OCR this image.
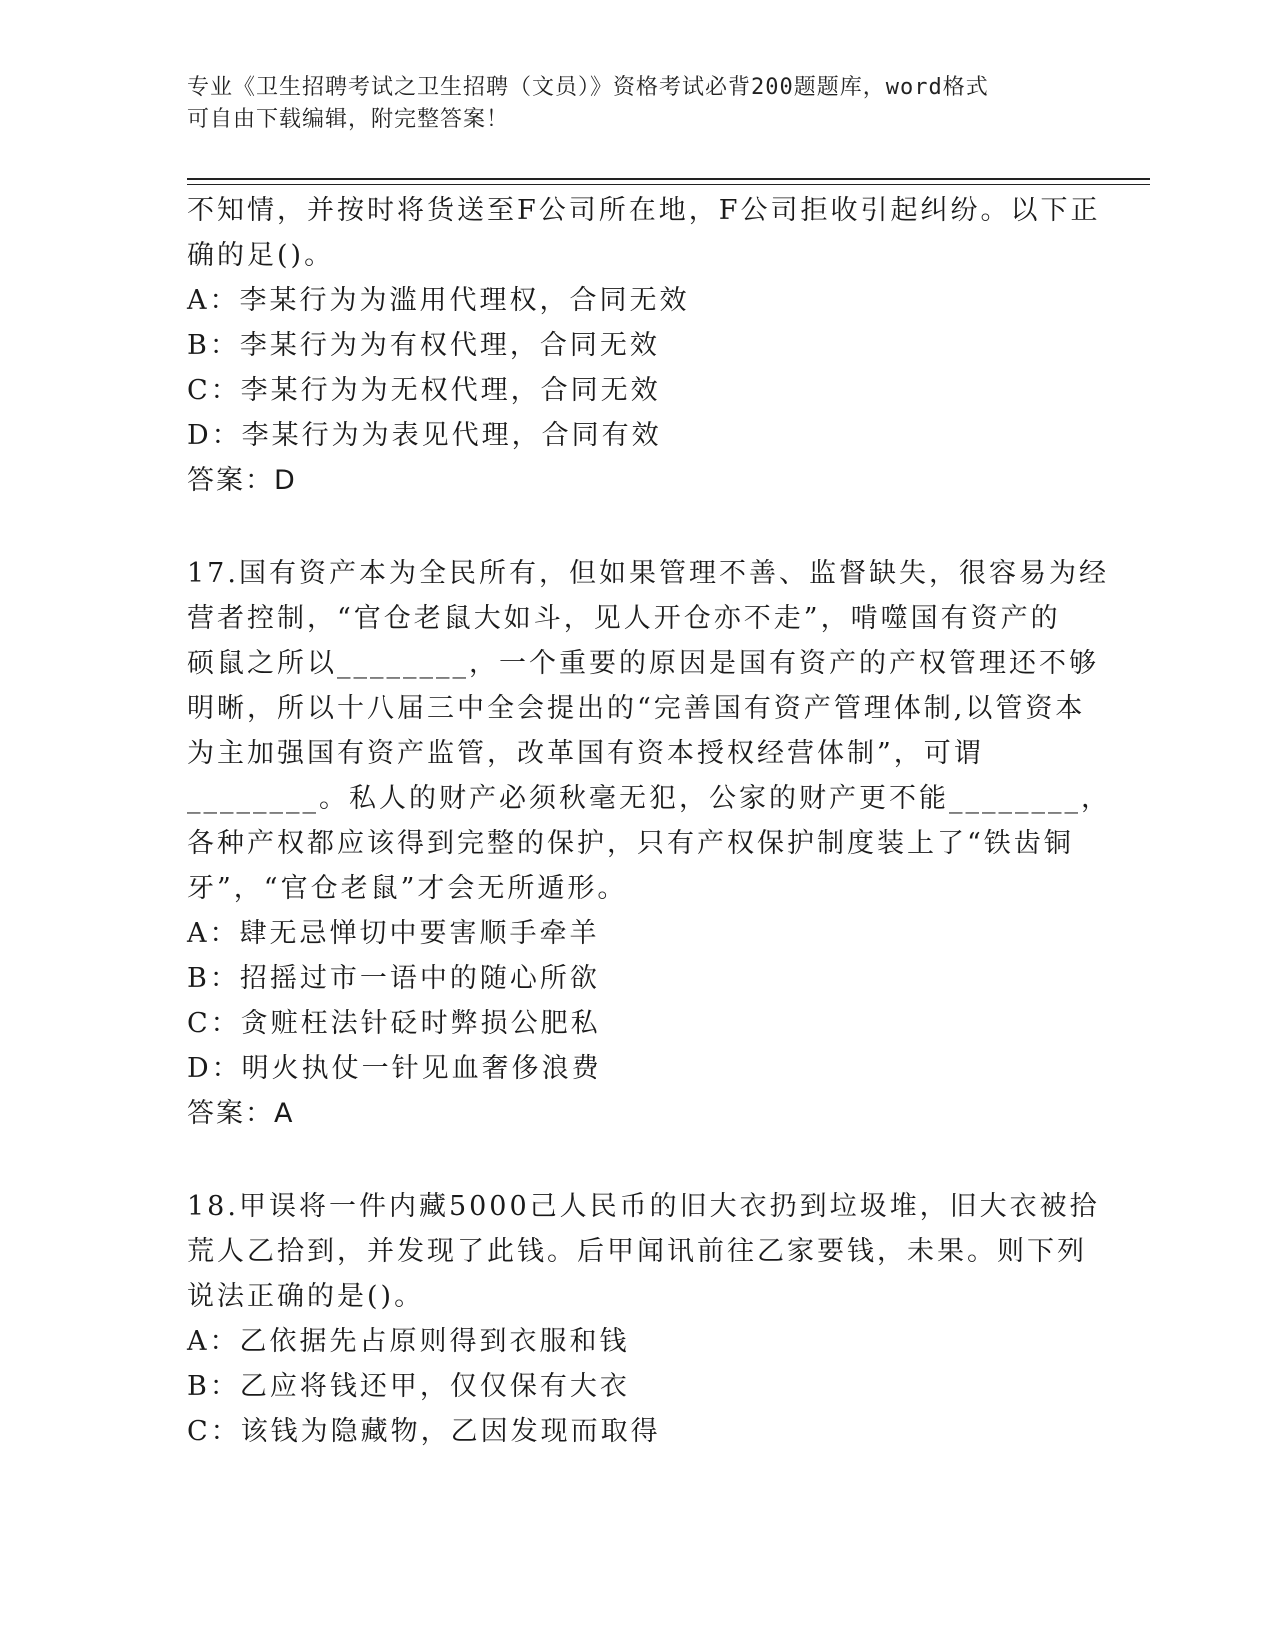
专业《卫生招聘考试之卫生招聘（文员）》资格考试必背200题题库，word格式
可自由下载编辑，附完整答案！
不知情，并按时将货送至F公司所在地，F公司拒收引起纠纷。以下正
确的足()。
A：李某行为为滥用代理权，合同无效
B：李某行为为有权代理，合同无效
C：李某行为为无权代理，合同无效
D：李某行为为表见代理，合同有效
答案：D
17.国有资产本为全民所有，但如果管理不善、监督缺失，很容易为经
营者控制，“官仓老鼠大如斗，见人开仓亦不走”，啃噬国有资产的
硕鼠之所以________，一个重要的原因是国有资产的产权管理还不够
明晰，所以十八届三中全会提出的“完善国有资产管理体制,以管资本
为主加强国有资产监管，改革国有资本授权经营体制”，可谓
________。私人的财产必须秋毫无犯，公家的财产更不能________，
各种产权都应该得到完整的保护，只有产权保护制度装上了“铁齿铜
牙”，“官仓老鼠”才会无所遁形。
A：肆无忌惮切中要害顺手牵羊
B：招摇过市一语中的随心所欲
C：贪赃枉法针砭时弊损公肥私
D：明火执仗一针见血奢侈浪费
答案：A
18.甲误将一件内藏5000己人民币的旧大衣扔到垃圾堆，旧大衣被拾
荒人乙拾到，并发现了此钱。后甲闻讯前往乙家要钱，未果。则下列
说法正确的是()。
A：乙依据先占原则得到衣服和钱
B：乙应将钱还甲，仅仅保有大衣
C：该钱为隐藏物，乙因发现而取得
